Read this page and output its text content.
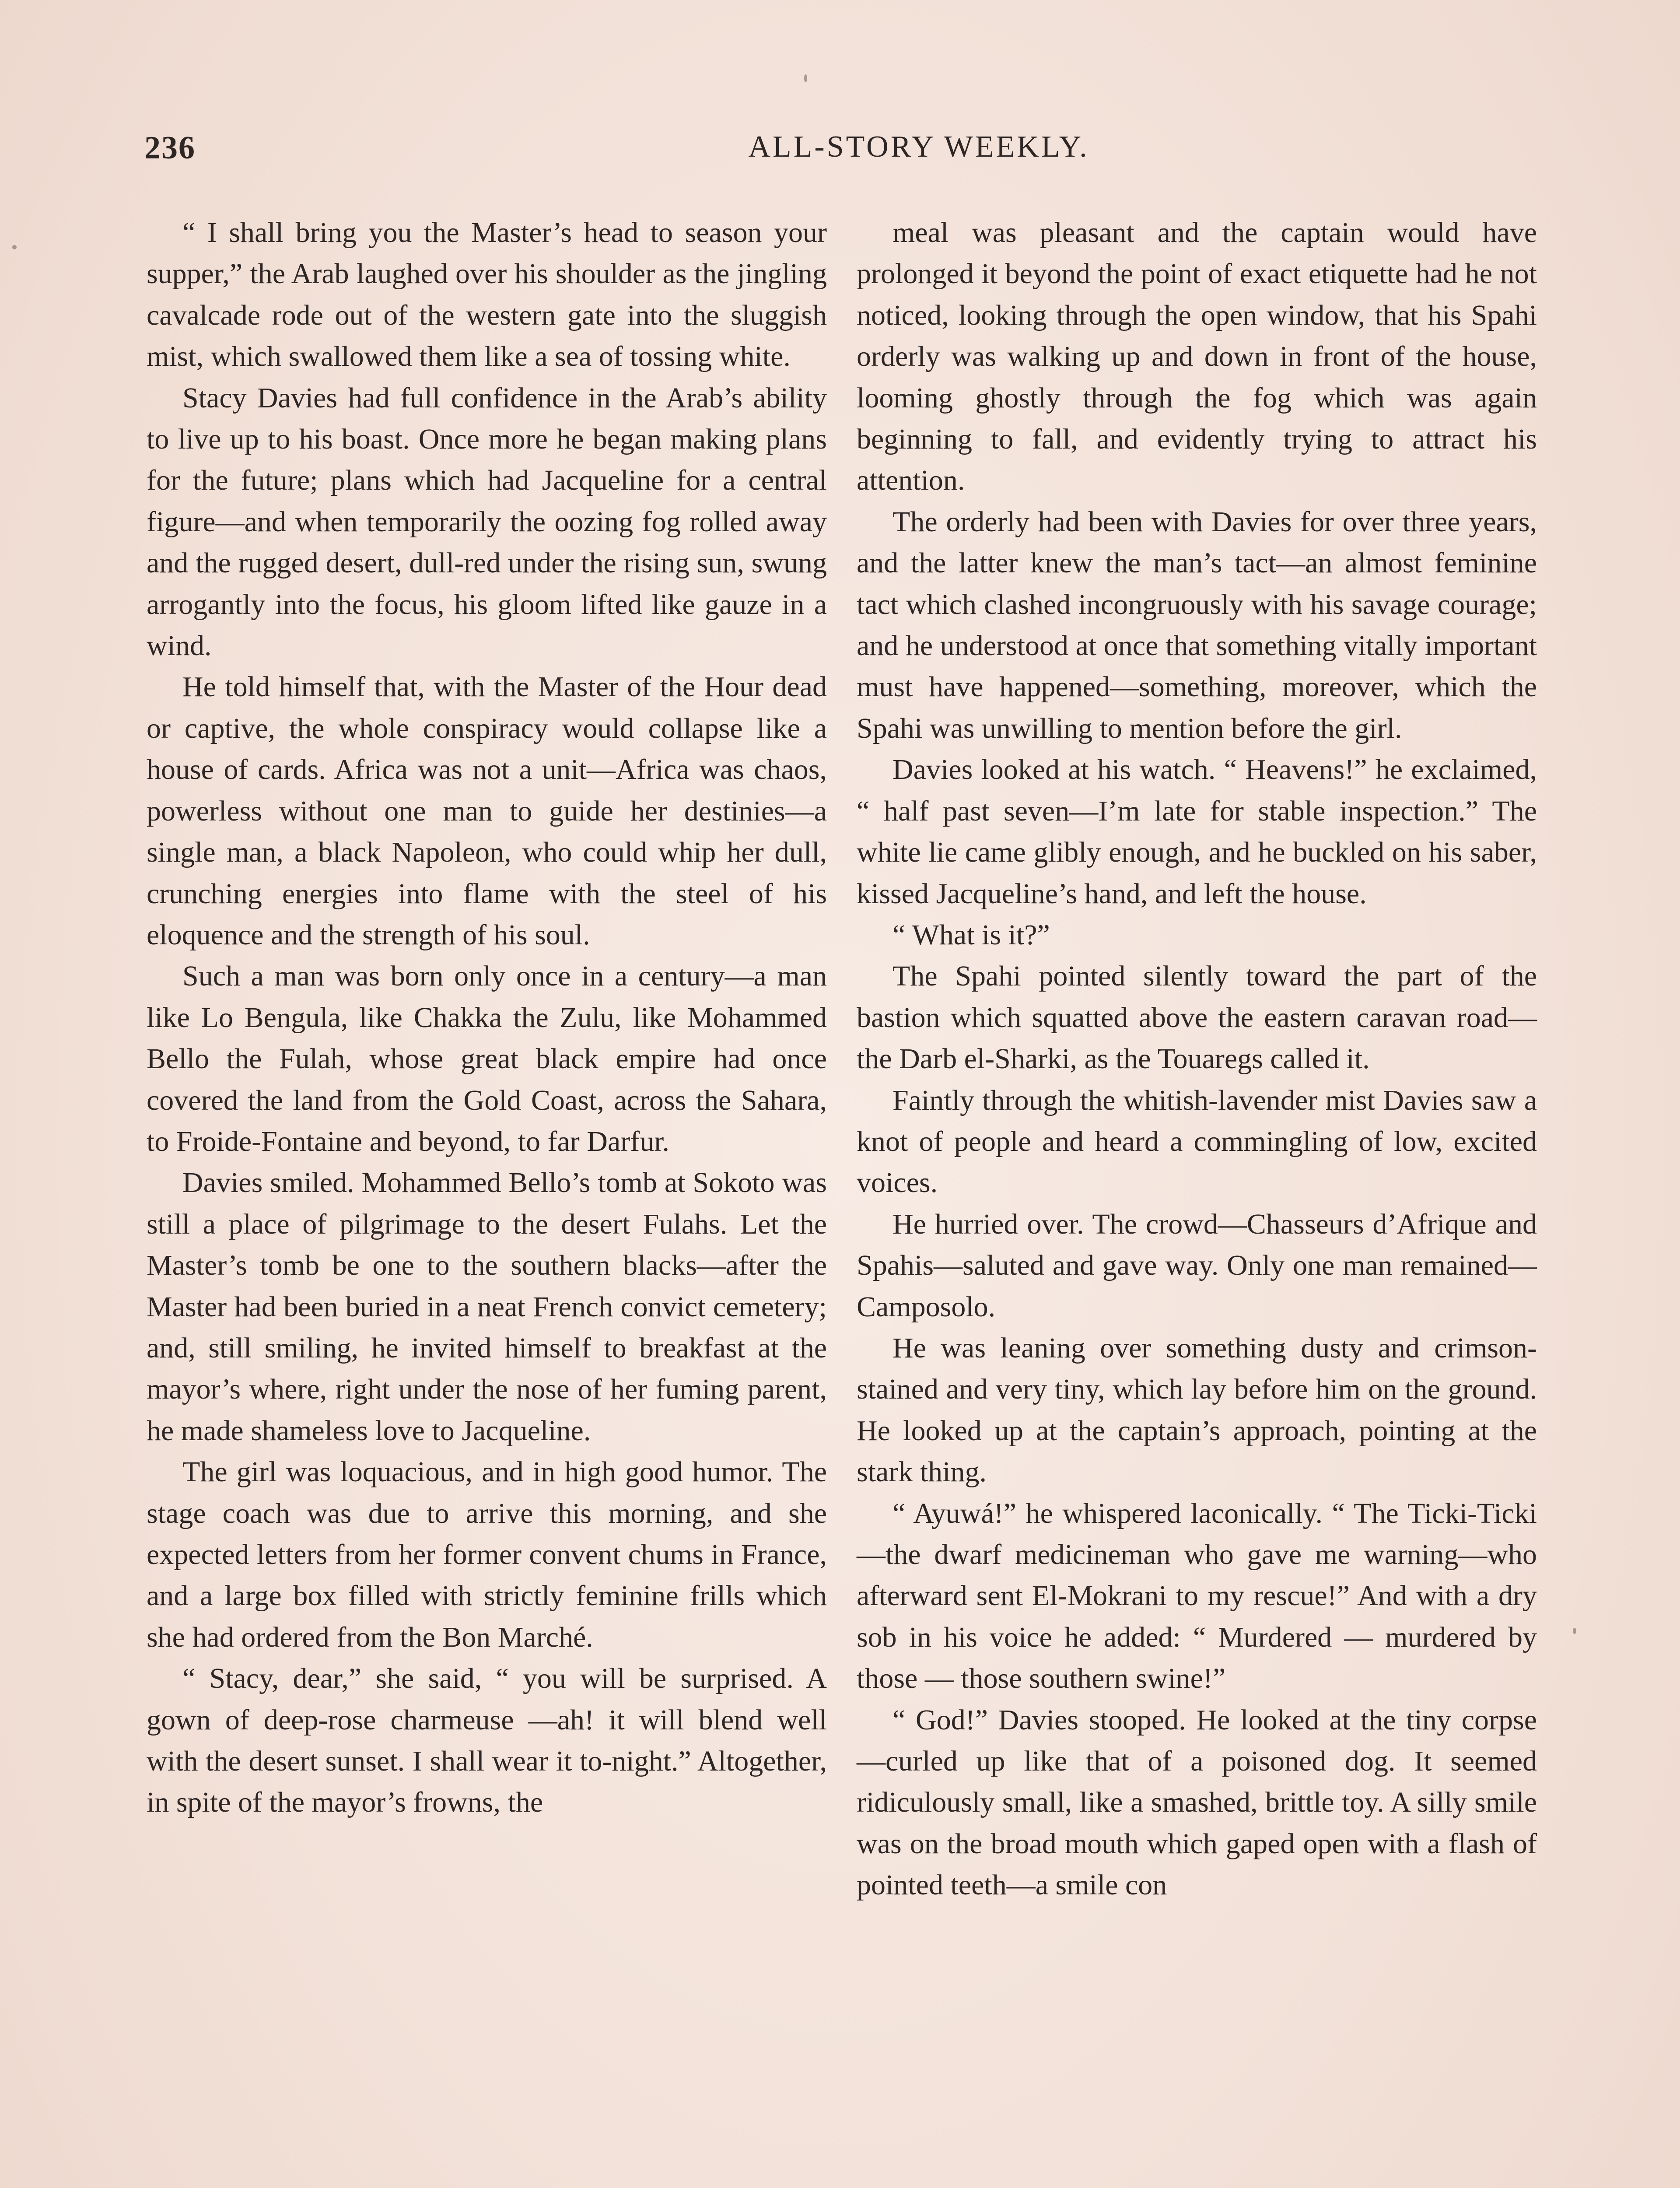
236	ALL-STORY WEEKLY.

“ I shall bring you the Master’s head to season your supper,” the Arab laughed over his shoulder as the jingling cavalcade rode out of the western gate into the sluggish mist, which swallowed them like a sea of tossing white.

Stacy Davies had full confidence in the Arab’s ability to live up to his boast. Once more he began making plans for the future; plans which had Jacqueline for a central figure—and when temporarily the oozing fog rolled away and the rugged desert, dull-red under the rising sun, swung arrogantly into the focus, his gloom lifted like gauze in a wind.

He told himself that, with the Master of the Hour dead or captive, the whole conspiracy would collapse like a house of cards. Africa was not a unit—Africa was chaos, powerless without one man to guide her destinies—a single man, a black Napoleon, who could whip her dull, crunching energies into flame with the steel of his eloquence and the strength of his soul.

Such a man was born only once in a century—a man like Lo Bengula, like Chakka the Zulu, like Mohammed Bello the Fulah, whose great black empire had once covered the land from the Gold Coast, across the Sahara, to Froide-Fontaine and beyond, to far Darfur.

Davies smiled. Mohammed Bello’s tomb at Sokoto was still a place of pilgrimage to the desert Fulahs. Let the Master’s tomb be one to the southern blacks—after the Master had been buried in a neat French convict cemetery; and, still smiling, he invited himself to breakfast at the mayor’s where, right under the nose of her fuming parent, he made shameless love to Jacqueline.

The girl was loquacious, and in high good humor. The stage coach was due to arrive this morning, and she expected letters from her former convent chums in France, and a large box filled with strictly feminine frills which she had ordered from the Bon Marché.

“ Stacy, dear,” she said, “ you will be surprised. A gown of deep-rose charmeuse —ah! it will blend well with the desert sunset. I shall wear it to-night.” Altogether, in spite of the mayor’s frowns, the

meal was pleasant and the captain would have prolonged it beyond the point of exact etiquette had he not noticed, looking through the open window, that his Spahi orderly was walking up and down in front of the house, looming ghostly through the fog which was again beginning to fall, and evidently trying to attract his attention.

The orderly had been with Davies for over three years, and the latter knew the man’s tact—an almost feminine tact which clashed incongruously with his savage courage; and he understood at once that something vitally important must have happened—something, moreover, which the Spahi was unwilling to mention before the girl.

Davies looked at his watch. “ Heavens!” he exclaimed, “ half past seven—I’m late for stable inspection.” The white lie came glibly enough, and he buckled on his saber, kissed Jacqueline’s hand, and left the house.

“ What is it?”

The Spahi pointed silently toward the part of the bastion which squatted above the eastern caravan road—the Darb el-Sharki, as the Touaregs called it.

Faintly through the whitish-lavender mist Davies saw a knot of people and heard a commingling of low, excited voices.

He hurried over. The crowd—Chasseurs d’Afrique and Spahis—saluted and gave way. Only one man remained—Camposolo.

He was leaning over something dusty and crimson-stained and very tiny, which lay before him on the ground. He looked up at the captain’s approach, pointing at the stark thing.

“ Ayuwá!” he whispered laconically. “ The Ticki-Ticki—the dwarf medicineman who gave me warning—who afterward sent El-Mokrani to my rescue!” And with a dry sob in his voice he added: “ Murdered — murdered by those — those southern swine!”

“ God!” Davies stooped. He looked at the tiny corpse—curled up like that of a poisoned dog. It seemed ridiculously small, like a smashed, brittle toy. A silly smile was on the broad mouth which gaped open with a flash of pointed teeth—a smile con
